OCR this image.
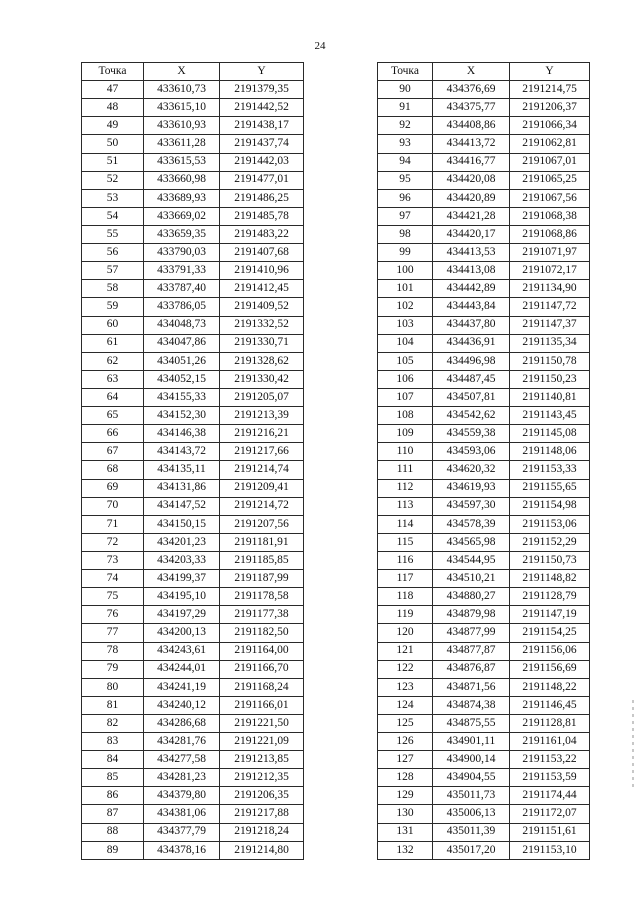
24
Точка	X	Y
47	433610,73	2191379,35
48	433615,10	2191442,52
49	433610,93	2191438,17
50	433611,28	2191437,74
51	433615,53	2191442,03
52	433660,98	2191477,01
53	433689,93	2191486,25
54	433669,02	2191485,78
55	433659,35	2191483,22
56	433790,03	2191407,68
57	433791,33	2191410,96
58	433787,40	2191412,45
59	433786,05	2191409,52
60	434048,73	2191332,52
61	434047,86	2191330,71
62	434051,26	2191328,62
63	434052,15	2191330,42
64	434155,33	2191205,07
65	434152,30	2191213,39
66	434146,38	2191216,21
67	434143,72	2191217,66
68	434135,11	2191214,74
69	434131,86	2191209,41
70	434147,52	2191214,72
71	434150,15	2191207,56
72	434201,23	2191181,91
73	434203,33	2191185,85
74	434199,37	2191187,99
75	434195,10	2191178,58
76	434197,29	2191177,38
77	434200,13	2191182,50
78	434243,61	2191164,00
79	434244,01	2191166,70
80	434241,19	2191168,24
81	434240,12	2191166,01
82	434286,68	2191221,50
83	434281,76	2191221,09
84	434277,58	2191213,85
85	434281,23	2191212,35
86	434379,80	2191206,35
87	434381,06	2191217,88
88	434377,79	2191218,24
89	434378,16	2191214,80
Точка	X	Y
90	434376,69	2191214,75
91	434375,77	2191206,37
92	434408,86	2191066,34
93	434413,72	2191062,81
94	434416,77	2191067,01
95	434420,08	2191065,25
96	434420,89	2191067,56
97	434421,28	2191068,38
98	434420,17	2191068,86
99	434413,53	2191071,97
100	434413,08	2191072,17
101	434442,89	2191134,90
102	434443,84	2191147,72
103	434437,80	2191147,37
104	434436,91	2191135,34
105	434496,98	2191150,78
106	434487,45	2191150,23
107	434507,81	2191140,81
108	434542,62	2191143,45
109	434559,38	2191145,08
110	434593,06	2191148,06
111	434620,32	2191153,33
112	434619,93	2191155,65
113	434597,30	2191154,98
114	434578,39	2191153,06
115	434565,98	2191152,29
116	434544,95	2191150,73
117	434510,21	2191148,82
118	434880,27	2191128,79
119	434879,98	2191147,19
120	434877,99	2191154,25
121	434877,87	2191156,06
122	434876,87	2191156,69
123	434871,56	2191148,22
124	434874,38	2191146,45
125	434875,55	2191128,81
126	434901,11	2191161,04
127	434900,14	2191153,22
128	434904,55	2191153,59
129	435011,73	2191174,44
130	435006,13	2191172,07
131	435011,39	2191151,61
132	435017,20	2191153,10
